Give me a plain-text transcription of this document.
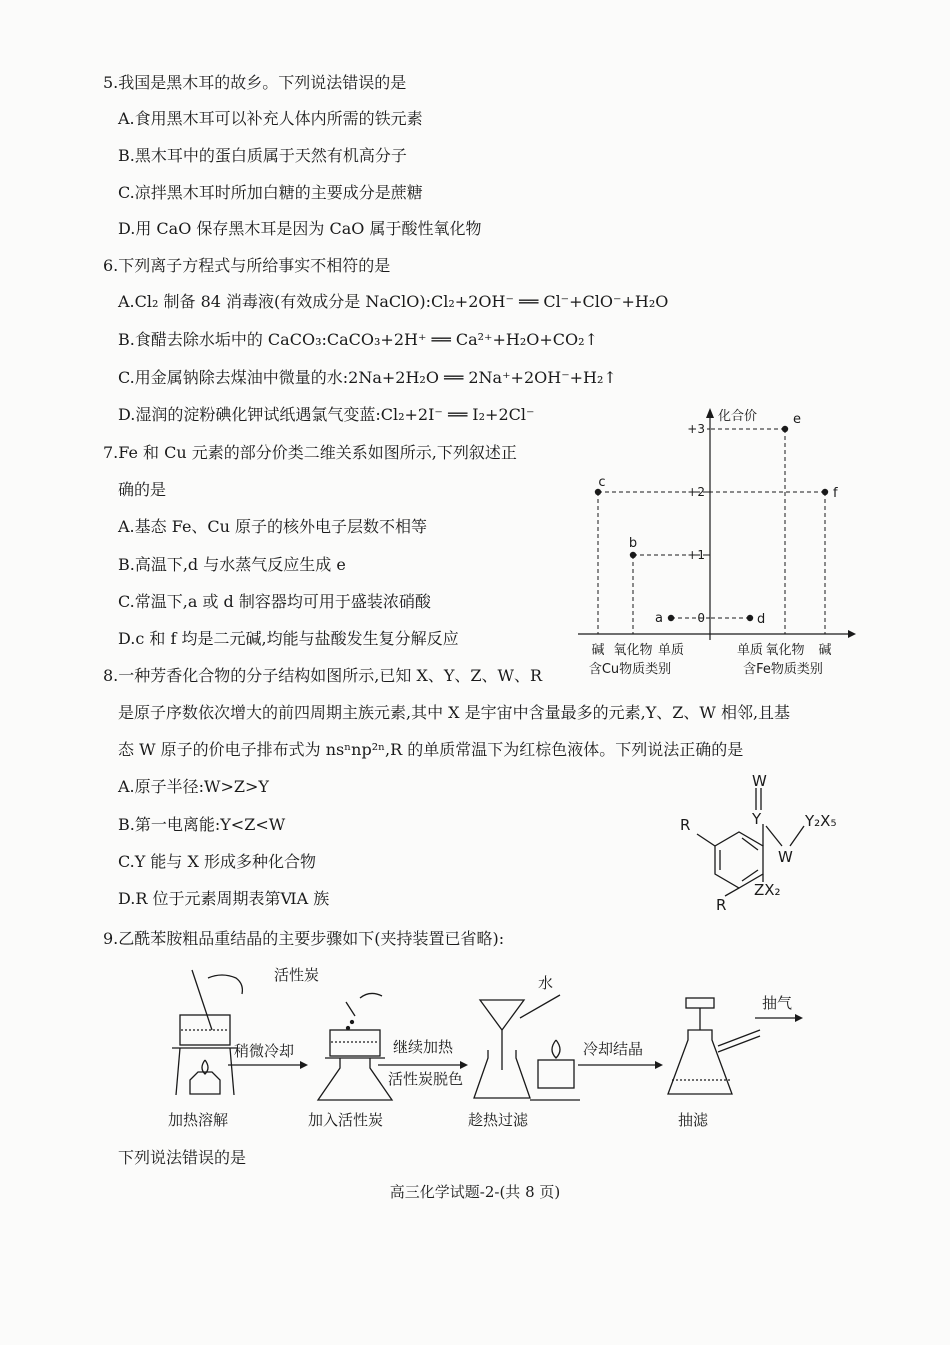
5.我国是黑木耳的故乡。下列说法错误的是
A.食用黑木耳可以补充人体内所需的铁元素
B.黑木耳中的蛋白质属于天然有机高分子
C.凉拌黑木耳时所加白糖的主要成分是蔗糖
D.用 CaO 保存黑木耳是因为 CaO 属于酸性氧化物
6.下列离子方程式与所给事实不相符的是
A.Cl₂ 制备 84 消毒液(有效成分是 NaClO):Cl₂+2OH⁻ ══ Cl⁻+ClO⁻+H₂O
B.食醋去除水垢中的 CaCO₃:CaCO₃+2H⁺ ══ Ca²⁺+H₂O+CO₂↑
C.用金属钠除去煤油中微量的水:2Na+2H₂O ══ 2Na⁺+2OH⁻+H₂↑
D.湿润的淀粉碘化钾试纸遇氯气变蓝:Cl₂+2I⁻ ══ I₂+2Cl⁻
7.Fe 和 Cu 元素的部分价类二维关系如图所示,下列叙述正
确的是
A.基态 Fe、Cu 原子的核外电子层数不相等
B.高温下,d 与水蒸气反应生成 e
C.常温下,a 或 d 制容器均可用于盛装浓硝酸
D.c 和 f 均是二元碱,均能与盐酸发生复分解反应
化合价
+3
+2
+1
0
碱 氧化物 单质	单质 氧化物 碱
a
b
c
d
e
f
含Cu物质类别	含Fe物质类别
8.一种芳香化合物的分子结构如图所示,已知 X、Y、Z、W、R
是原子序数依次增大的前四周期主族元素,其中 X 是宇宙中含量最多的元素,Y、Z、W 相邻,且基
态 W 原子的价电子排布式为 nsⁿnp²ⁿ,R 的单质常温下为红棕色液体。下列说法正确的是
A.原子半径:W>Z>Y
B.第一电离能:Y<Z<W
C.Y 能与 X 形成多种化合物
D.R 位于元素周期表第ⅥA 族
W
Y
W
Y₂X₅
R
R
ZX₂
9.乙酰苯胺粗品重结晶的主要步骤如下(夹持装置已省略):
活性炭
稍微冷却	继续加热
活性炭脱色
水
冷却结晶
抽气
加热溶解	加入活性炭	趁热过滤	抽滤
下列说法错误的是
高三化学试题-2-(共 8 页)
